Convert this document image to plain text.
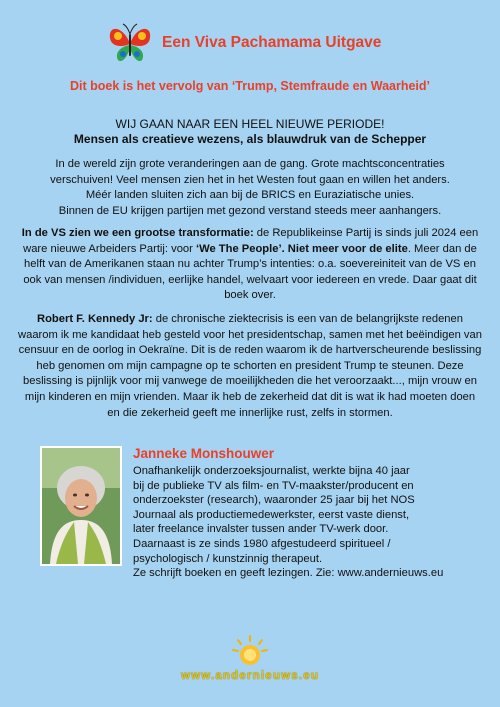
Een Viva Pachamama Uitgave
Dit boek is het vervolg van ‘Trump, Stemfraude en Waarheid’
WIJ GAAN NAAR EEN HEEL NIEUWE PERIODE!
Mensen als creatieve wezens, als blauwdruk van de Schepper
In de wereld zijn grote veranderingen aan de gang. Grote machtsconcentraties
verschuiven! Veel mensen zien het in het Westen fout gaan en willen het anders.
Méér landen sluiten zich aan bij de BRICS en Euraziatische unies.
Binnen de EU krijgen partijen met gezond verstand steeds meer aanhangers.
In de VS zien we een grootse transformatie: de Republikeinse Partij is sinds juli 2024 een ware nieuwe Arbeiders Partij: voor ‘We The People’. Niet meer voor de elite. Meer dan de helft van de Amerikanen staan nu achter Trump’s intenties: o.a. soevereiniteit van de VS en ook van mensen /individuen, eerlijke handel, welvaart voor iedereen en vrede. Daar gaat dit boek over.
Robert F. Kennedy Jr: de chronische ziektecrisis is een van de belangrijkste redenen waarom ik me kandidaat heb gesteld voor het presidentschap, samen met het beëindigen van censuur en de oorlog in Oekraïne. Dit is de reden waarom ik de hartverscheurende beslissing heb genomen om mijn campagne op te schorten en president Trump te steunen. Deze beslissing is pijnlijk voor mij vanwege de moeilijkheden die het veroorzaakt..., mijn vrouw en mijn kinderen en mijn vrienden. Maar ik heb de zekerheid dat dit is wat ik had moeten doen en die zekerheid geeft me innerlijke rust, zelfs in stormen.
Janneke Monshouwer
Onafhankelijk onderzoeksjournalist, werkte bijna 40 jaar
bij de publieke TV als film- en TV-maakster/producent en
onderzoekster (research), waaronder 25 jaar bij het NOS
Journaal als productiemedewerkster, eerst vaste dienst,
later freelance invalster tussen ander TV-werk door.
Daarnaast is ze sinds 1980 afgestudeerd spiritueel /
psychologisch / kunstzinnig therapeut.
Ze schrijft boeken en geeft lezingen. Zie: www.andernieuws.eu
www.andernieuws.eu
